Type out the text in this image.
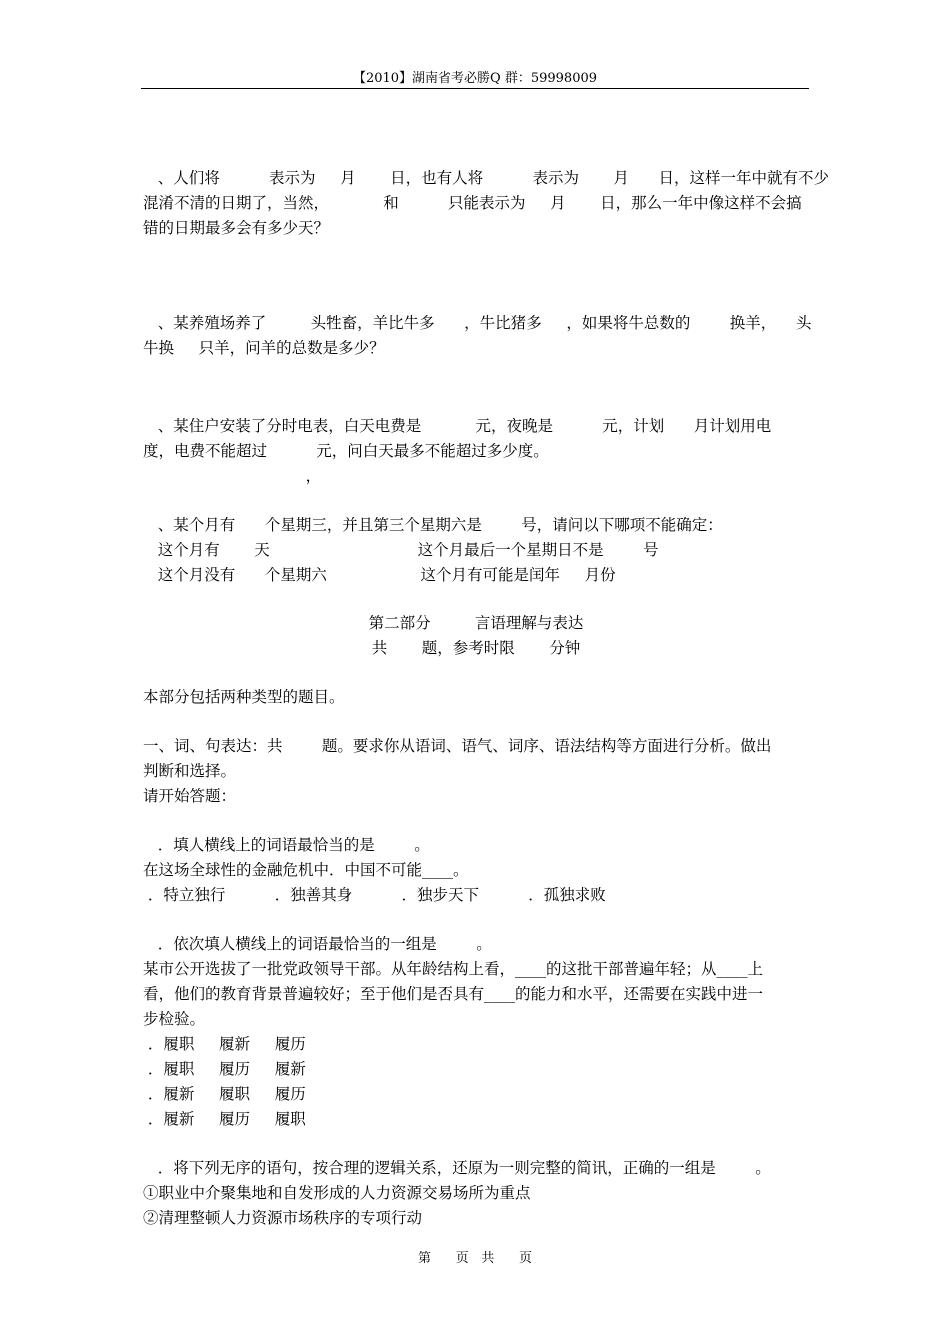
【2010】湖南省考必勝Q 群：59998009
、人们将          表示为     月       日，也有人将          表示为       月      日，这样一年中就有不少
混淆不清的日期了，当然，           和          只能表示为     月       日，那么一年中像这样不会搞
错的日期最多会有多少天？
、某养殖场养了         头牲畜，羊比牛多      ，牛比猪多     ，如果将牛总数的        换羊，    头
牛换     只羊，问羊的总数是多少？
、某住户安装了分时电表，白天电费是           元，夜晚是          元，计划      月计划用电
度，电费不能超过          元，问白天最多不能超过多少度。
，
、某个月有      个星期三，并且第三个星期六是        号，请问以下哪项不能确定：
这个月有       天                              这个月最后一个星期日不是        号
这个月没有      个星期六                   这个月有可能是闰年     月份
第二部分         言语理解与表达
共       题，参考时限       分钟
本部分包括两种类型的题目。
一、词、句表达：共        题。要求你从语词、语气、词序、语法结构等方面进行分析。做出
判断和选择。
请开始答题：
．填人横线上的词语最恰当的是        。
在这场全球性的金融危机中．中国不可能____。
．特立独行          ．独善其身          ．独步天下          ．孤独求败
．依次填人横线上的词语最恰当的一组是        。
某市公开选拔了一批党政领导干部。从年龄结构上看，____的这批干部普遍年轻；从____上
看，他们的教育背景普遍较好；至于他们是否具有____的能力和水平，还需要在实践中进一
步检验。
．履职     履新     履历
．履职     履历     履新
．履新     履职     履历
．履新     履历     履职
．将下列无序的语句，按合理的逻辑关系，还原为一则完整的简讯，正确的一组是        。
①职业中介聚集地和自发形成的人力资源交易场所为重点
②清理整顿人力资源市场秩序的专项行动
第      页   共      页
